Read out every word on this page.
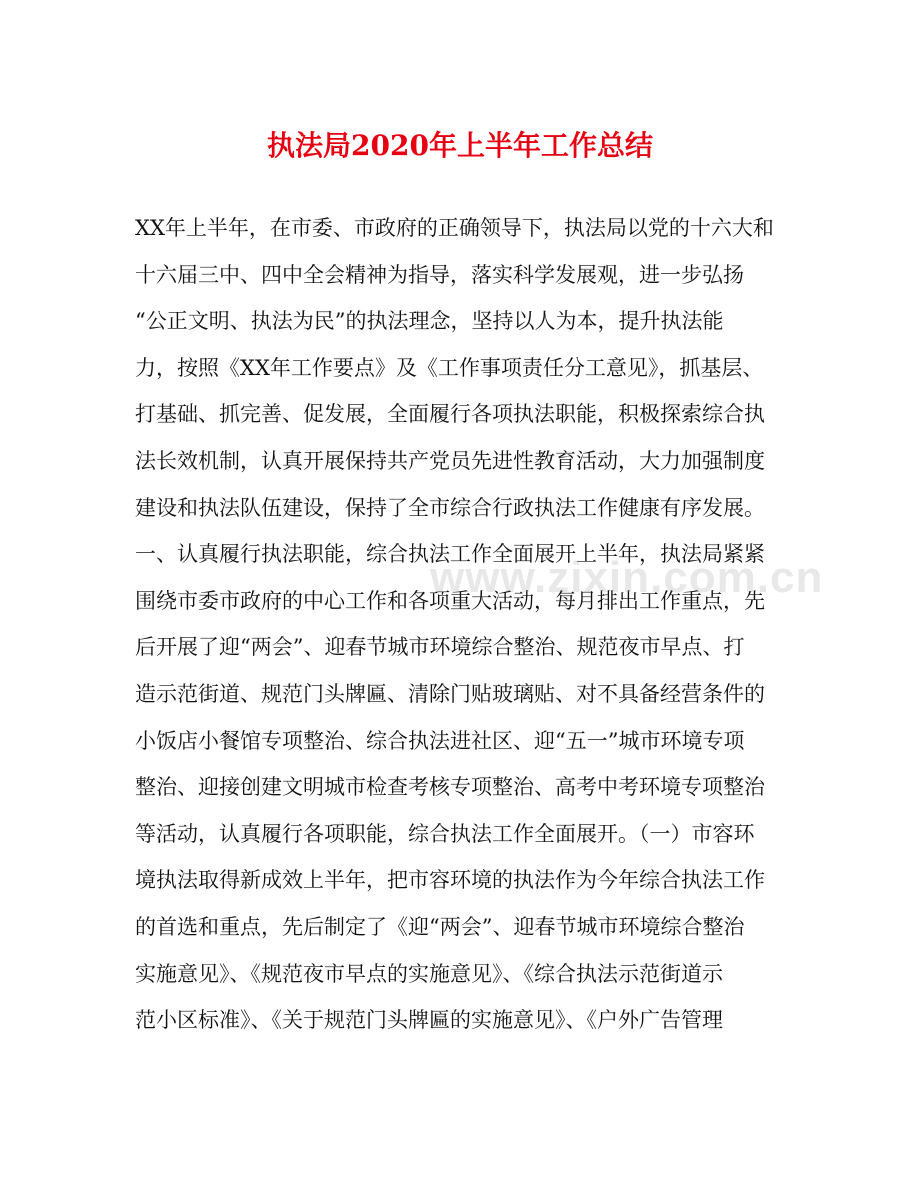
执法局2020年上半年工作总结
XX年上半年，在市委、市政府的正确领导下，执法局以党的十六大和
十六届三中、四中全会精神为指导，落实科学发展观，进一步弘扬
“公正文明、执法为民”的执法理念，坚持以人为本，提升执法能
力，按照《XX年工作要点》及《工作事项责任分工意见》，抓基层、
打基础、抓完善、促发展，全面履行各项执法职能，积极探索综合执
法长效机制，认真开展保持共产党员先进性教育活动，大力加强制度
建设和执法队伍建设，保持了全市综合行政执法工作健康有序发展。
一、认真履行执法职能，综合执法工作全面展开上半年，执法局紧紧
围绕市委市政府的中心工作和各项重大活动，每月排出工作重点，先
后开展了迎“两会”、迎春节城市环境综合整治、规范夜市早点、打
造示范街道、规范门头牌匾、清除门贴玻璃贴、对不具备经营条件的
小饭店小餐馆专项整治、综合执法进社区、迎“五一”城市环境专项
整治、迎接创建文明城市检查考核专项整治、高考中考环境专项整治
等活动，认真履行各项职能，综合执法工作全面展开。（一）市容环
境执法取得新成效上半年，把市容环境的执法作为今年综合执法工作
的首选和重点，先后制定了《迎“两会”、迎春节城市环境综合整治
实施意见》、《规范夜市早点的实施意见》、《综合执法示范街道示
范小区标准》、《关于规范门头牌匾的实施意见》、《户外广告管理
www.zixin.com.cn
